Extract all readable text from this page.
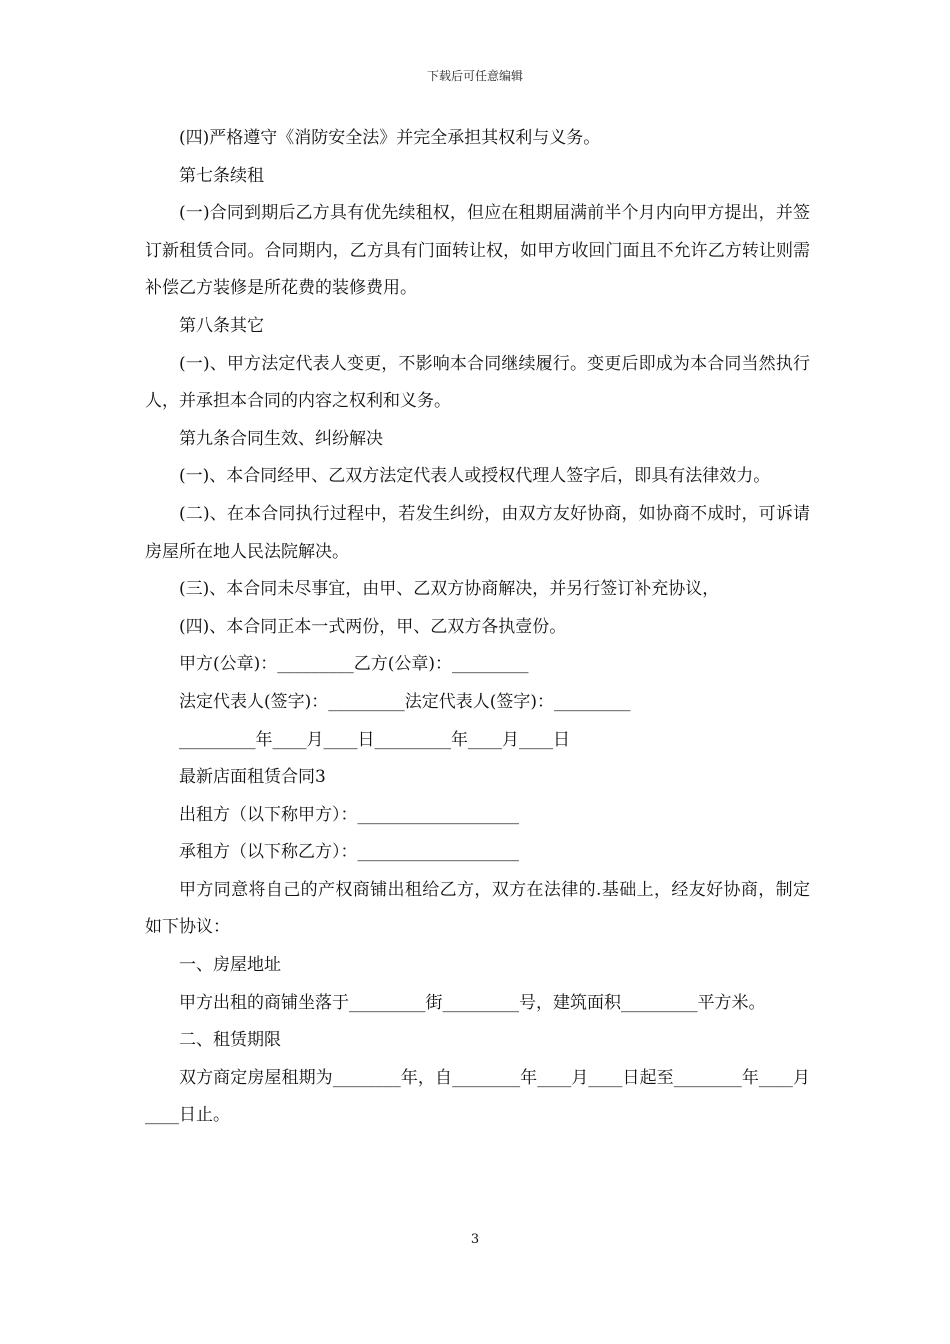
下载后可任意编辑

(四)严格遵守《消防安全法》并完全承担其权利与义务。

第七条续租

(一)合同到期后乙方具有优先续租权，但应在租期届满前半个月内向甲方提出，并签订新租赁合同。合同期内，乙方具有门面转让权，如甲方收回门面且不允许乙方转让则需补偿乙方装修是所花费的装修费用。

第八条其它

(一)、甲方法定代表人变更，不影响本合同继续履行。变更后即成为本合同当然执行人，并承担本合同的内容之权利和义务。

第九条合同生效、纠纷解决

(一)、本合同经甲、乙双方法定代表人或授权代理人签字后，即具有法律效力。

(二)、在本合同执行过程中，若发生纠纷，由双方友好协商，如协商不成时，可诉请房屋所在地人民法院解决。

(三)、本合同未尽事宜，由甲、乙双方协商解决，并另行签订补充协议，

(四)、本合同正本一式两份，甲、乙双方各执壹份。

甲方(公章)：_________乙方(公章)：_________

法定代表人(签字)：_________法定代表人(签字)：_________

_________年____月____日_________年____月____日

最新店面租赁合同3

出租方（以下称甲方）：___________________

承租方（以下称乙方）：___________________

甲方同意将自己的产权商铺出租给乙方，双方在法律的.基础上，经友好协商，制定如下协议：

一、房屋地址

甲方出租的商铺坐落于_________街_________号，建筑面积_________平方米。

二、租赁期限

双方商定房屋租期为________年，自________年____月____日起至________年____月____日止。

3
